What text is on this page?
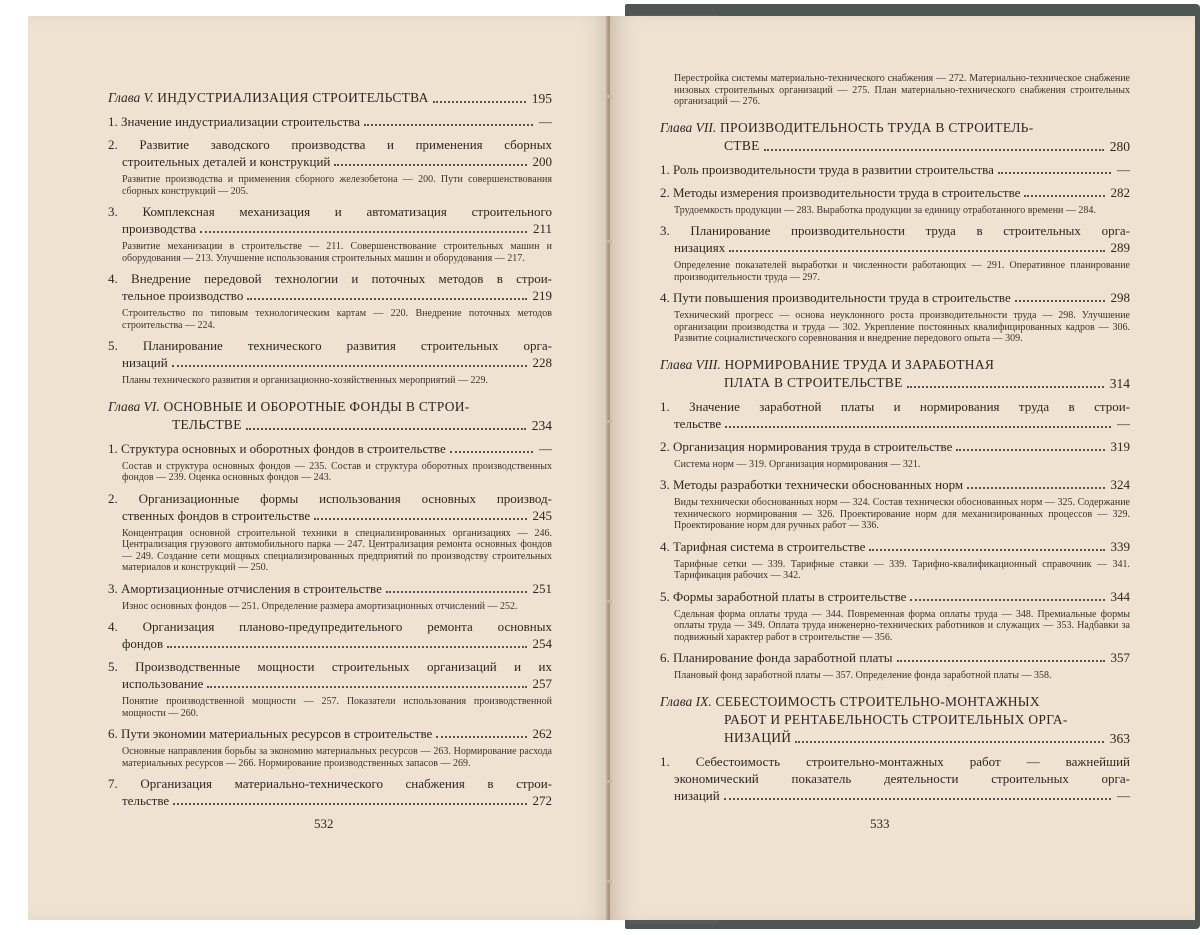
Глава V. ИНДУСТРИАЛИЗАЦИЯ СТРОИТЕЛЬСТВА	195
1. Значение индустриализации строительства	—
2. Развитие заводского производства и применения сборных
строительных деталей и конструкций	200
Развитие производства и применения сборного железобетона — 200. Пути совершенствования сборных конструкций — 205.
3. Комплексная механизация и автоматизация строительного
производства	211
Развитие механизации в строительстве — 211. Совершенствование строительных машин и оборудования — 213. Улучшение использования строительных машин и оборудования — 217.
4. Внедрение передовой технологии и поточных методов в строи-
тельное производство	219
Строительство по типовым технологическим картам — 220. Внедрение поточных методов строительства — 224.
5. Планирование технического развития строительных орга-
низаций	228
Планы технического развития и организационно-хозяйственных мероприятий — 229.
Глава VI. ОСНОВНЫЕ И ОБОРОТНЫЕ ФОНДЫ В СТРОИ-
ТЕЛЬСТВЕ	234
1. Структура основных и оборотных фондов в строительстве	—
Состав и структура основных фондов — 235. Состав и структура оборотных производственных фондов — 239. Оценка основных фондов — 243.
2. Организационные формы использования основных производ-
ственных фондов в строительстве	245
Концентрация основной строительной техники в специализированных организациях — 246. Централизация грузового автомобильного парка — 247. Централизация ремонта основных фондов — 249. Создание сети мощных специализированных предприятий по производству строительных материалов и конструкций — 250.
3. Амортизационные отчисления в строительстве	251
Износ основных фондов — 251. Определение размера амортизационных отчислений — 252.
4. Организация планово-предупредительного ремонта основных
фондов	254
5. Производственные мощности строительных организаций и их
использование	257
Понятие производственной мощности — 257. Показатели использования производственной мощности — 260.
6. Пути экономии материальных ресурсов в строительстве	262
Основные направления борьбы за экономию материальных ресурсов — 263. Нормирование расхода материальных ресурсов — 266. Нормирование производственных запасов — 269.
7. Организация материально-технического снабжения в строи-
тельстве	272
532
Перестройка системы материально-технического снабжения — 272. Материально-техническое снабжение низовых строительных организаций — 275. План материально-технического снабжения строительных организаций — 276.
Глава VII. ПРОИЗВОДИТЕЛЬНОСТЬ ТРУДА В СТРОИТЕЛЬ-
СТВЕ	280
1. Роль производительности труда в развитии строительства	—
2. Методы измерения производительности труда в строительстве	282
Трудоемкость продукции — 283. Выработка продукции за единицу отработанного времени — 284.
3. Планирование производительности труда в строительных орга-
низациях	289
Определение показателей выработки и численности работающих — 291. Оперативное планирование производительности труда — 297.
4. Пути повышения производительности труда в строительстве	298
Технический прогресс — основа неуклонного роста производительности труда — 298. Улучшение организации производства и труда — 302. Укрепление постоянных квалифицированных кадров — 306. Развитие социалистического соревнования и внедрение передового опыта — 309.
Глава VIII. НОРМИРОВАНИЕ ТРУДА И ЗАРАБОТНАЯ
ПЛАТА В СТРОИТЕЛЬСТВЕ	314
1. Значение заработной платы и нормирования труда в строи-
тельстве	—
2. Организация нормирования труда в строительстве	319
Система норм — 319. Организация нормирования — 321.
3. Методы разработки технически обоснованных норм	324
Виды технически обоснованных норм — 324. Состав технически обоснованных норм — 325. Содержание технического нормирования — 326. Проектирование норм для механизированных процессов — 329. Проектирование норм для ручных работ — 336.
4. Тарифная система в строительстве	339
Тарифные сетки — 339. Тарифные ставки — 339. Тарифно-квалификационный справочник — 341. Тарификация рабочих — 342.
5. Формы заработной платы в строительстве	344
Сдельная форма оплаты труда — 344. Повременная форма оплаты труда — 348. Премиальные формы оплаты труда — 349. Оплата труда инженерно-технических работников и служащих — 353. Надбавки за подвижный характер работ в строительстве — 356.
6. Планирование фонда заработной платы	357
Плановый фонд заработной платы — 357. Определение фонда заработной платы — 358.
Глава IX. СЕБЕСТОИМОСТЬ СТРОИТЕЛЬНО-МОНТАЖНЫХ
РАБОТ И РЕНТАБЕЛЬНОСТЬ СТРОИТЕЛЬНЫХ ОРГА-
НИЗАЦИЙ	363
1. Себестоимость строительно-монтажных работ — важнейший
экономический показатель деятельности строительных орга-
низаций	—
533
